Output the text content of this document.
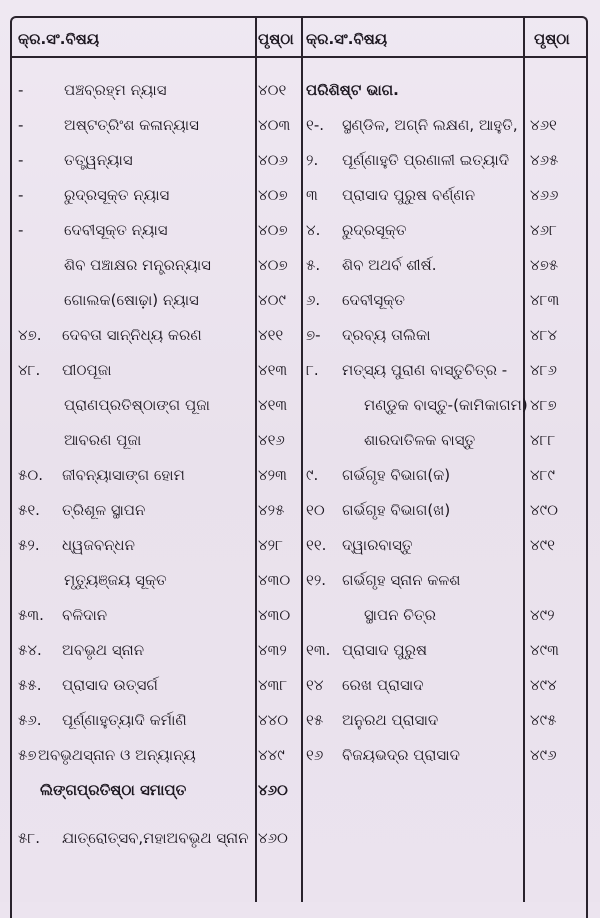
କ୍ର.ସଂ.ବିଷୟ	ପୃଷ୍ଠା କ୍ର.ସଂ.ବିଷୟ	ପୃଷ୍ଠା
-	ପଞ୍ଚବ୍ରହ୍ମ ନ୍ୟାସ	୪୦୧
-	ଅଷ୍ଟତ୍ରିଂଶ କଳାନ୍ୟାସ	୪୦୩
-	ତତ୍ତ୍ୱନ୍ୟାସ	୪୦୬
-	ରୁଦ୍ରସୂକ୍ତ ନ୍ୟାସ	୪୦୭
-	ଦେବୀସୂକ୍ତ ନ୍ୟାସ	୪୦୭
ଶିବ ପଞ୍ଚାକ୍ଷର ମନ୍ତ୍ରନ୍ୟାସ	୪୦୭
ଗୋଲକ(ଷୋଢ଼ା) ନ୍ୟାସ	୪୦୯
୪୭. ଦେବତା ସାନ୍ନିଧ୍ୟ କରଣ	୪୧୧
୪୮. ପୀଠପୂଜା	୪୧୩
ପ୍ରାଣପ୍ରତିଷ୍ଠାଙ୍ଗ ପୂଜା	୪୧୩
ଆବରଣ ପୂଜା	୪୧୬
୫୦. ଜୀବନ୍ୟାସାଙ୍ଗ ହୋମ	୪୨୩
୫୧. ତ୍ରିଶୂଳ ସ୍ଥାପନ	୪୨୫
୫୨. ଧ୍ୱଜବନ୍ଧନ	୪୨୮
ମୃତ୍ୟୁଞ୍ଜୟ ସୂକ୍ତ	୪୩୦
୫୩. ବଳିଦାନ	୪୩୦
୫୪. ଅବଭୃଥ ସ୍ନାନ	୪୩୨
୫୫. ପ୍ରାସାଦ ଉତ୍ସର୍ଗ	୪୩୮
୫୬. ପୂର୍ଣ୍ଣାହୁତ୍ୟାଦି କର୍ମାଣି	୪୪୦
୫୭ ଅବଭୃଥସ୍ନାନ ଓ ଅନ୍ୟାନ୍ୟ	୪୪୯
ଲିଙ୍ଗପ୍ରତିଷ୍ଠା ସମାପ୍ତ	୪୬୦
୫୮. ଯାତ୍ରୋତ୍ସବ,ମହାଅବଭୃଥ ସ୍ନାନ ୪୬୦
ପରିଶିଷ୍ଟ ଭାଗ.
୧-. ସ୍ଥଣ୍ଡିଳ, ଅଗ୍ନି ଲକ୍ଷଣ, ଆହୁତି, ୪୬୧
୨. ପୂର୍ଣ୍ଣାହୁତି ପ୍ରଣାଳୀ ଇତ୍ୟାଦି ୪୬୫
୩ ପ୍ରାସାଦ ପୁରୁଷ ବର୍ଣ୍ଣନ	୪୬୬
୪. ରୁଦ୍ରସୂକ୍ତ	୪୬୮
୫. ଶିବ ଅଥର୍ବ ଶୀର୍ଷ.	୪୭୫
୬. ଦେବୀସୂକ୍ତ	୪୮୩
୭- ଦ୍ରବ୍ୟ ତାଲିକା	୪୮୪
୮. ମତ୍ସ୍ୟ ପୁରାଣ ବାସ୍ତୁଚିତ୍ର - ୪୮୬
ମଣ୍ଡୁକ ବାସ୍ତୁ-(କାମିକାଗମ) ୪୮୭
ଶାରଦାତିଳକ ବାସ୍ତୁ	୪୮୮
୯. ଗର୍ଭଗୃହ ବିଭାଗ(କ)	୪୮୯
୧୦ ଗର୍ଭଗୃହ ବିଭାଗ(ଖ)	୪୯୦
୧୧. ଦ୍ୱାରବାସ୍ତୁ	୪୯୧
୧୨. ଗର୍ଭଗୃହ ସ୍ନାନ କଳଶ
ସ୍ଥାପନ ଚିତ୍ର	୪୯୨
୧୩. ପ୍ରାସାଦ ପୁରୁଷ	୪୯୩
୧୪ ରେଖ ପ୍ରାସାଦ	୪୯୪
୧୫ ଅନୁରଥ ପ୍ରାସାଦ	୪୯୫
୧୬ ବିଜୟଭଦ୍ର ପ୍ରାସାଦ	୪୯୬
